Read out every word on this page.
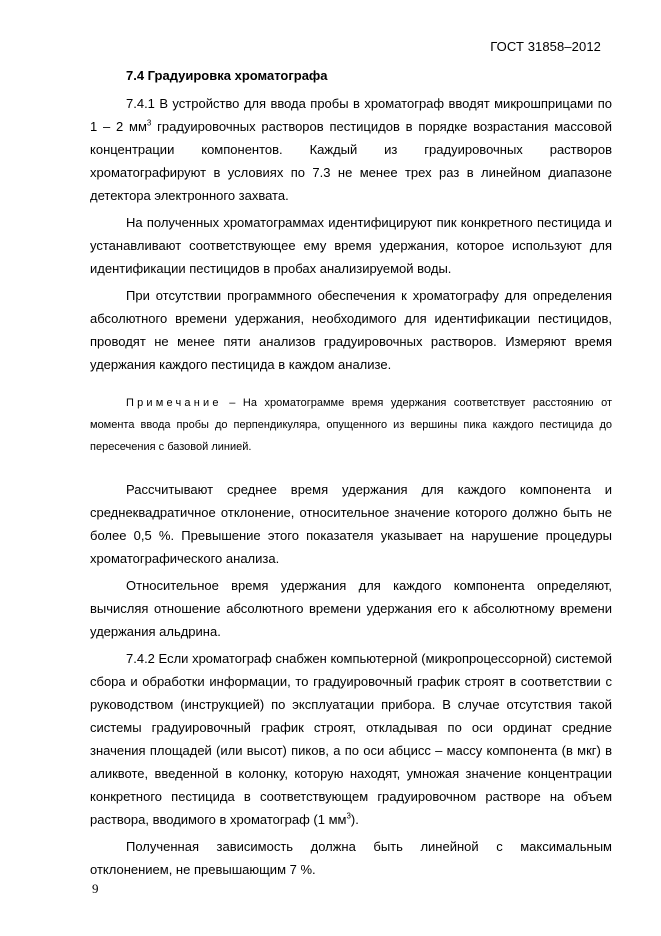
ГОСТ 31858–2012
7.4 Градуировка хроматографа

7.4.1 В устройство для ввода пробы в хроматограф вводят микрошприцами по 1 – 2 $мм^3$ градуировочных растворов пестицидов в порядке возрастания массовой концентрации компонентов. Каждый из градуировочных растворов хроматографируют в условиях по 7.3 не менее трех раз в линейном диапазоне детектора электронного захвата.

На полученных хроматограммах идентифицируют пик конкретного пестицида и устанавливают соответствующее ему время удержания, которое используют для идентификации пестицидов в пробах анализируемой воды.

При отсутствии программного обеспечения к хроматографу для определения абсолютного времени удержания, необходимого для идентификации пестицидов, проводят не менее пяти анализов градуировочных растворов. Измеряют время удержания каждого пестицида в каждом анализе.

Примечание – На хроматограмме время удержания соответствует расстоянию от момента ввода пробы до перпендикуляра, опущенного из вершины пика каждого пестицида до пересечения с базовой линией.

Рассчитывают среднее время удержания для каждого компонента и среднеквадратичное отклонение, относительное значение которого должно быть не более 0,5 %. Превышение этого показателя указывает на нарушение процедуры хроматографического анализа.

Относительное время удержания для каждого компонента определяют, вычисляя отношение абсолютного времени удержания его к абсолютному времени удержания альдрина.

7.4.2 Если хроматограф снабжен компьютерной (микропроцессорной) системой сбора и обработки информации, то градуировочный график строят в соответствии с руководством (инструкцией) по эксплуатации прибора. В случае отсутствия такой системы градуировочный график строят, откладывая по оси ординат средние значения площадей (или высот) пиков, а по оси абцисс – массу компонента (в мкг) в аликвоте, введенной в колонку, которую находят, умножая значение концентрации конкретного пестицида в соответствующем градуировочном растворе на объем раствора, вводимого в хроматограф (1 $мм^3$).

Полученная зависимость должна быть линейной с максимальным отклонением, не превышающим 7 %.

9
